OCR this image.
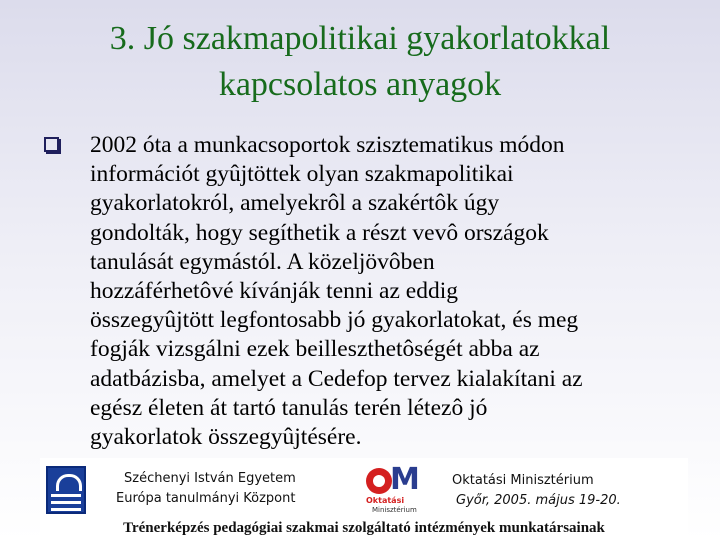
3. Jó szakmapolitikai gyakorlatokkal
kapcsolatos anyagok
2002 óta a munkacsoportok szisztematikus módon
információt gyûjtöttek olyan szakmapolitikai
gyakorlatokról, amelyekrôl a szakértôk úgy
gondolták, hogy segíthetik a részt vevô országok
tanulását egymástól. A közeljövôben
hozzáférhetôvé kívánják tenni az eddig
összegyûjtött legfontosabb jó gyakorlatokat, és meg
fogják vizsgálni ezek beilleszthetôségét abba az
adatbázisba, amelyet a Cedefop tervez kialakítani az
egész életen át tartó tanulás terén létezô jó
gyakorlatok összegyûjtésére.
Széchenyi István Egyetem
Európa tanulmányi Központ
M
Oktatási
Minisztérium
Oktatási Minisztérium
Győr, 2005. május 19-20.
Trénerképzés pedagógiai szakmai szolgáltató intézmények munkatársainak
